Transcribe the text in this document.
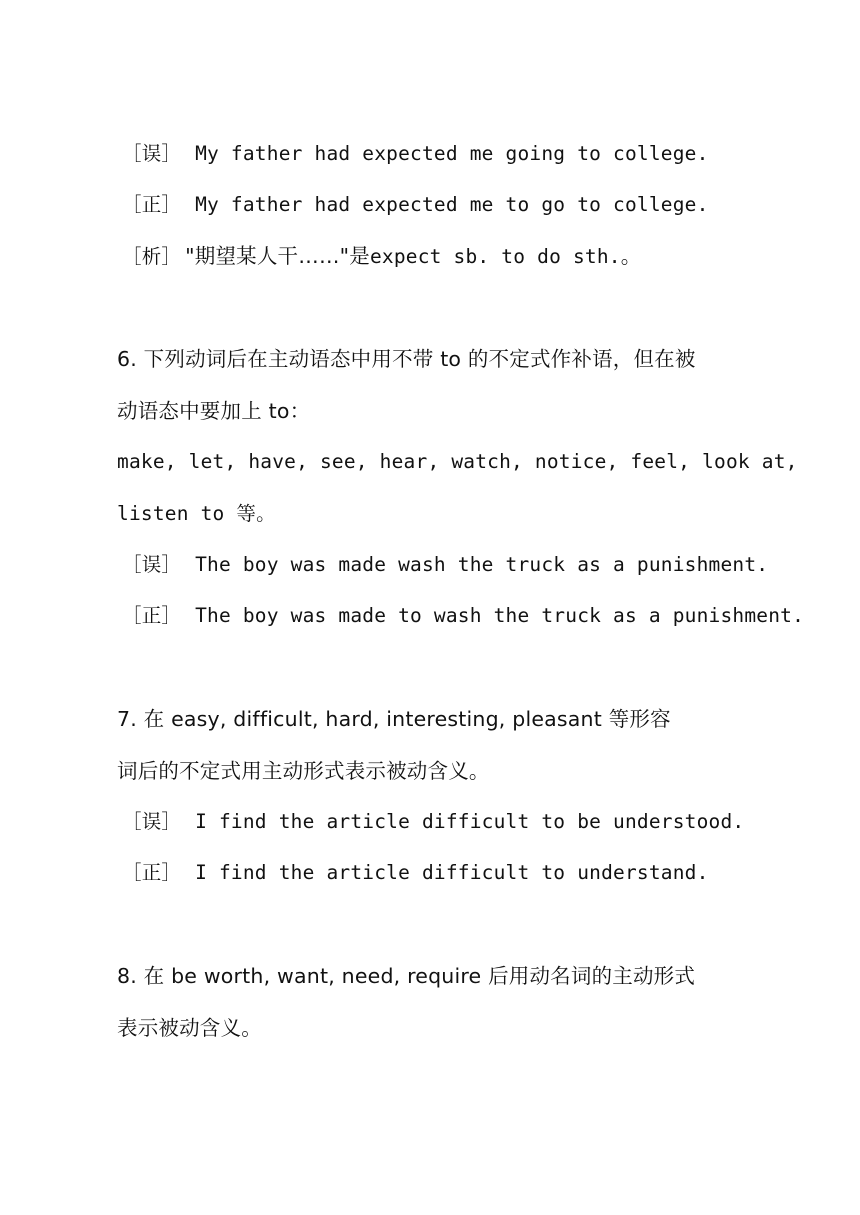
［误］ My father had expected me going to college.
［正］ My father had expected me to go to college.
［析］ "期望某人干……"是expect sb. to do sth.。
6. 下列动词后在主动语态中用不带 to 的不定式作补语，但在被
动语态中要加上 to：
make, let, have, see, hear, watch, notice, feel, look at,
listen to 等。
［误］ The boy was made wash the truck as a punishment.
［正］ The boy was made to wash the truck as a punishment.
7. 在 easy, difficult, hard, interesting, pleasant 等形容
词后的不定式用主动形式表示被动含义。
［误］ I find the article difficult to be understood.
［正］ I find the article difficult to understand.
8. 在 be worth, want, need, require 后用动名词的主动形式
表示被动含义。
